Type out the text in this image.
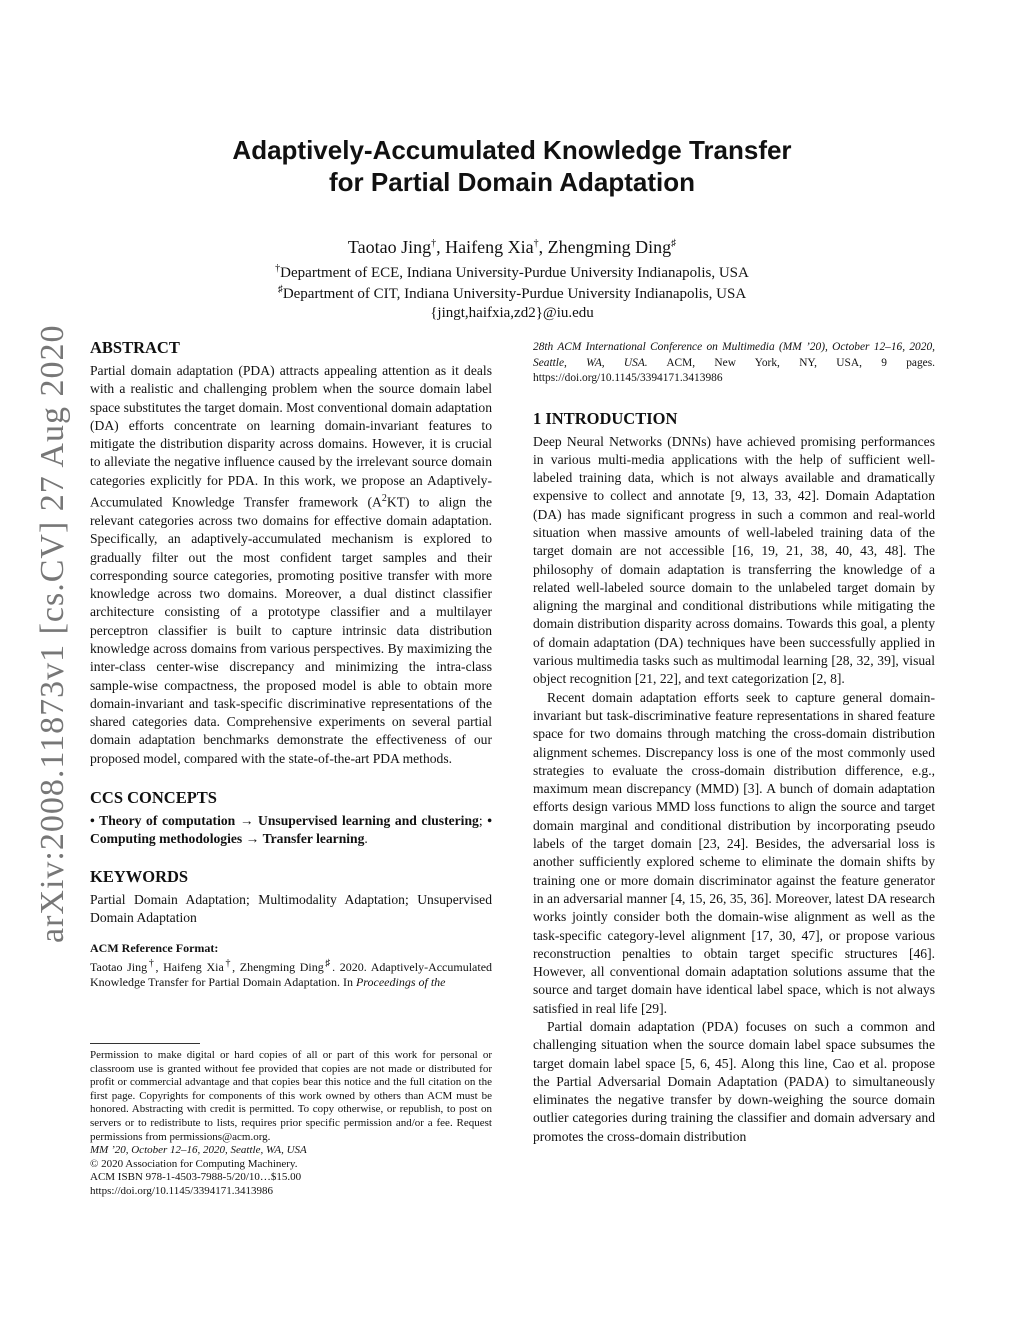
arXiv:2008.11873v1 [cs.CV] 27 Aug 2020
Adaptively-Accumulated Knowledge Transfer
for Partial Domain Adaptation
Taotao Jing†, Haifeng Xia†, Zhengming Ding♯
†Department of ECE, Indiana University-Purdue University Indianapolis, USA
♯Department of CIT, Indiana University-Purdue University Indianapolis, USA
{jingt,haifxia,zd2}@iu.edu
ABSTRACT

Partial domain adaptation (PDA) attracts appealing attention as it deals with a realistic and challenging problem when the source domain label space substitutes the target domain. Most conventional domain adaptation (DA) efforts concentrate on learning domain-invariant features to mitigate the distribution disparity across domains. However, it is crucial to alleviate the negative influence caused by the irrelevant source domain categories explicitly for PDA. In this work, we propose an Adaptively-Accumulated Knowledge Transfer framework $(A^2KT)$ to align the relevant categories across two domains for effective domain adaptation. Specifically, an adaptively-accumulated mechanism is explored to gradually filter out the most confident target samples and their corresponding source categories, promoting positive transfer with more knowledge across two domains. Moreover, a dual distinct classifier architecture consisting of a prototype classifier and a multilayer perceptron classifier is built to capture intrinsic data distribution knowledge across domains from various perspectives. By maximizing the inter-class center-wise discrepancy and minimizing the intra-class sample-wise compactness, the proposed model is able to obtain more domain-invariant and task-specific discriminative representations of the shared categories data. Comprehensive experiments on several partial domain adaptation benchmarks demonstrate the effectiveness of our proposed model, compared with the state-of-the-art PDA methods.

CCS CONCEPTS

• Theory of computation → Unsupervised learning and clustering; • Computing methodologies → Transfer learning.

KEYWORDS

Partial Domain Adaptation; Multimodality Adaptation; Unsupervised Domain Adaptation

ACM Reference Format:
Taotao Jing†, Haifeng Xia†, Zhengming Ding♯. 2020. Adaptively-Accumulated Knowledge Transfer for Partial Domain Adaptation. In Proceedings of the

Permission to make digital or hard copies of all or part of this work for personal or classroom use is granted without fee provided that copies are not made or distributed for profit or commercial advantage and that copies bear this notice and the full citation on the first page. Copyrights for components of this work owned by others than ACM must be honored. Abstracting with credit is permitted. To copy otherwise, or republish, to post on servers or to redistribute to lists, requires prior specific permission and/or a fee. Request permissions from permissions@acm.org.

MM ’20, October 12–16, 2020, Seattle, WA, USA

© 2020 Association for Computing Machinery.

ACM ISBN 978-1-4503-7988-5/20/10…$15.00

https://doi.org/10.1145/3394171.3413986

28th ACM International Conference on Multimedia (MM ’20), October 12–16, 2020, Seattle, WA, USA. ACM, New York, NY, USA, 9 pages. https://doi.org/10.1145/3394171.3413986
1 INTRODUCTION

Deep Neural Networks (DNNs) have achieved promising performances in various multi-media applications with the help of sufficient well-labeled training data, which is not always available and dramatically expensive to collect and annotate [9, 13, 33, 42]. Domain Adaptation (DA) has made significant progress in such a common and real-world situation when massive amounts of well-labeled training data of the target domain are not accessible [16, 19, 21, 38, 40, 43, 48]. The philosophy of domain adaptation is transferring the knowledge of a related well-labeled source domain to the unlabeled target domain by aligning the marginal and conditional distributions while mitigating the domain distribution disparity across domains. Towards this goal, a plenty of domain adaptation (DA) techniques have been successfully applied in various multimedia tasks such as multimodal learning [28, 32, 39], visual object recognition [21, 22], and text categorization [2, 8].

Recent domain adaptation efforts seek to capture general domain-invariant but task-discriminative feature representations in shared feature space for two domains through matching the cross-domain distribution alignment schemes. Discrepancy loss is one of the most commonly used strategies to evaluate the cross-domain distribution difference, e.g., maximum mean discrepancy (MMD) [3]. A bunch of domain adaptation efforts design various MMD loss functions to align the source and target domain marginal and conditional distribution by incorporating pseudo labels of the target domain [23, 24]. Besides, the adversarial loss is another sufficiently explored scheme to eliminate the domain shifts by training one or more domain discriminator against the feature generator in an adversarial manner [4, 15, 26, 35, 36]. Moreover, latest DA research works jointly consider both the domain-wise alignment as well as the task-specific category-level alignment [17, 30, 47], or propose various reconstruction penalties to obtain target specific structures [46]. However, all conventional domain adaptation solutions assume that the source and target domain have identical label space, which is not always satisfied in real life [29].

Partial domain adaptation (PDA) focuses on such a common and challenging situation when the source domain label space subsumes the target domain label space [5, 6, 45]. Along this line, Cao et al. propose the Partial Adversarial Domain Adaptation (PADA) to simultaneously eliminates the negative transfer by down-weighing the source domain outlier categories during training the classifier and domain adversary and promotes the cross-domain distribution
